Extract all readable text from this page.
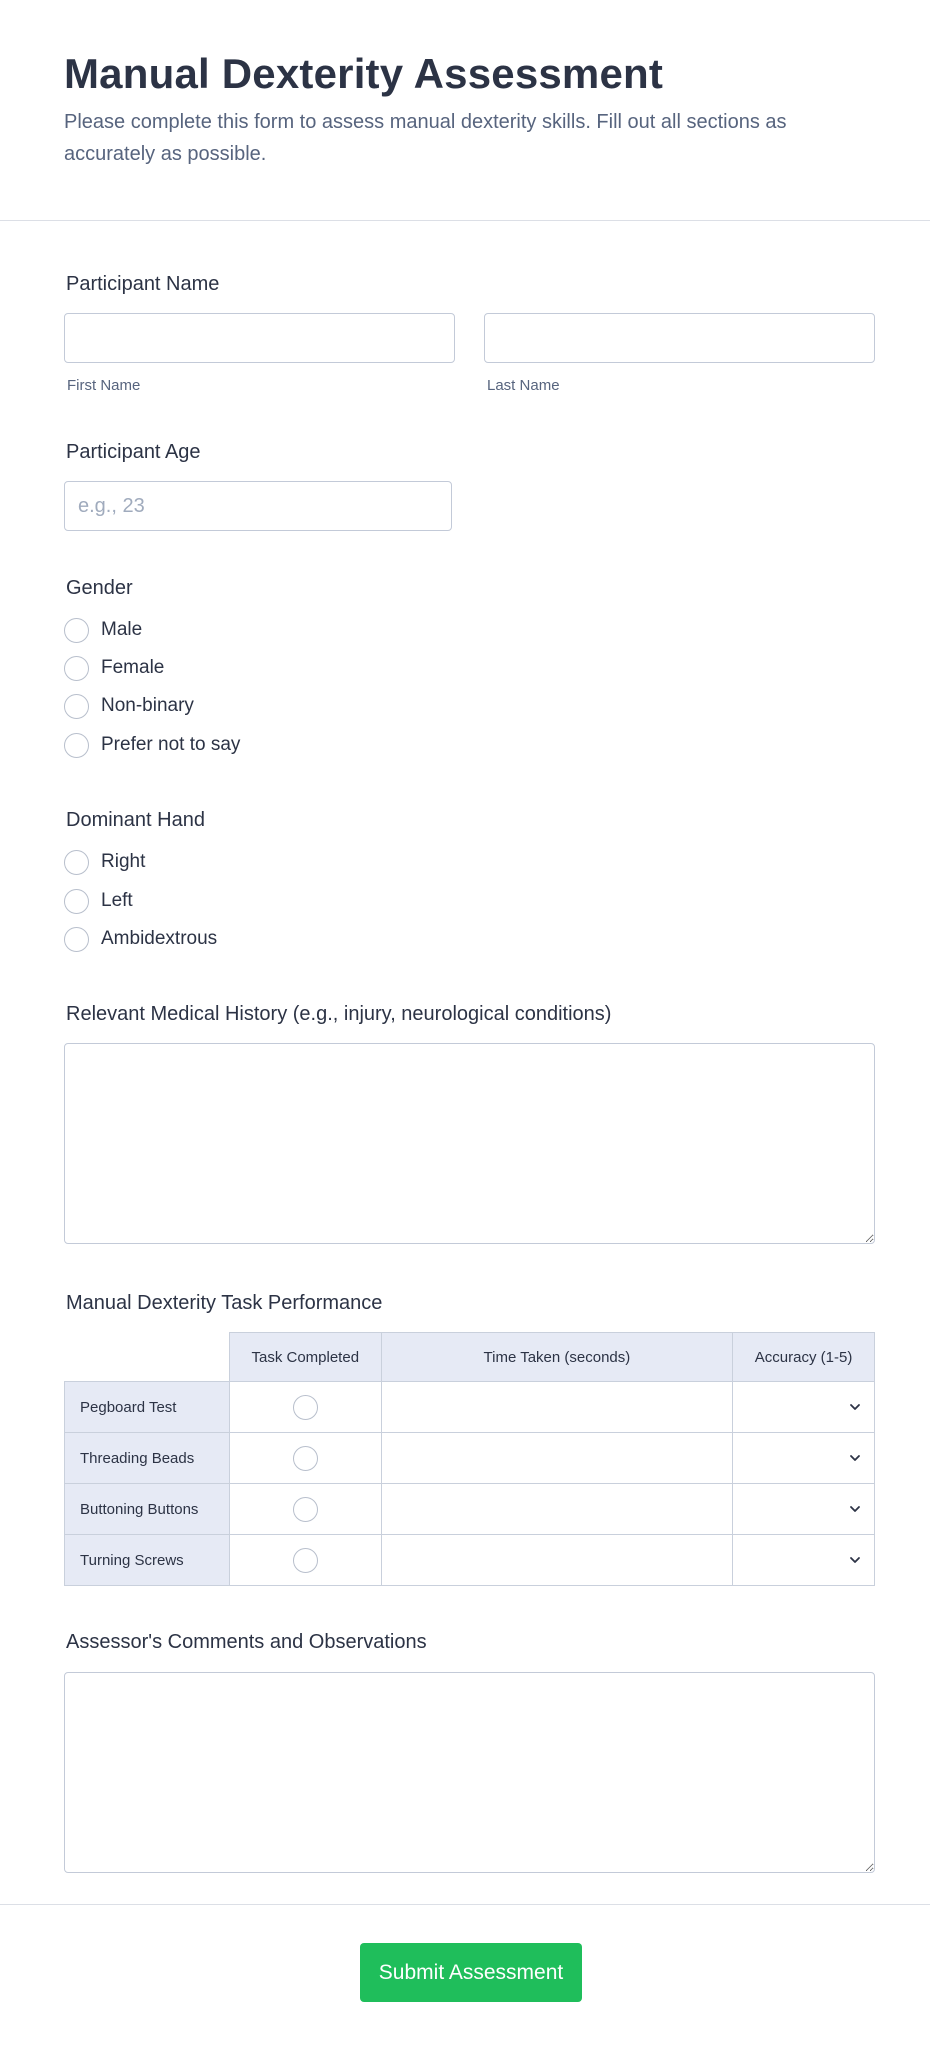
Manual Dexterity Assessment

Please complete this form to assess manual dexterity skills. Fill out all sections as accurately as possible.

Participant Name
First Name	Last Name
Participant Age
e.g., 23
Gender
Male
Female
Non-binary
Prefer not to say
Dominant Hand
Right
Left
Ambidextrous
Relevant Medical History (e.g., injury, neurological conditions)
Manual Dexterity Task Performance
	Task Completed	Time Taken (seconds)	Accuracy (1-5)
Pegboard Test			

Threading Beads			

Buttoning Buttons			

Turning Screws			
Assessor's Comments and Observations
Submit Assessment
